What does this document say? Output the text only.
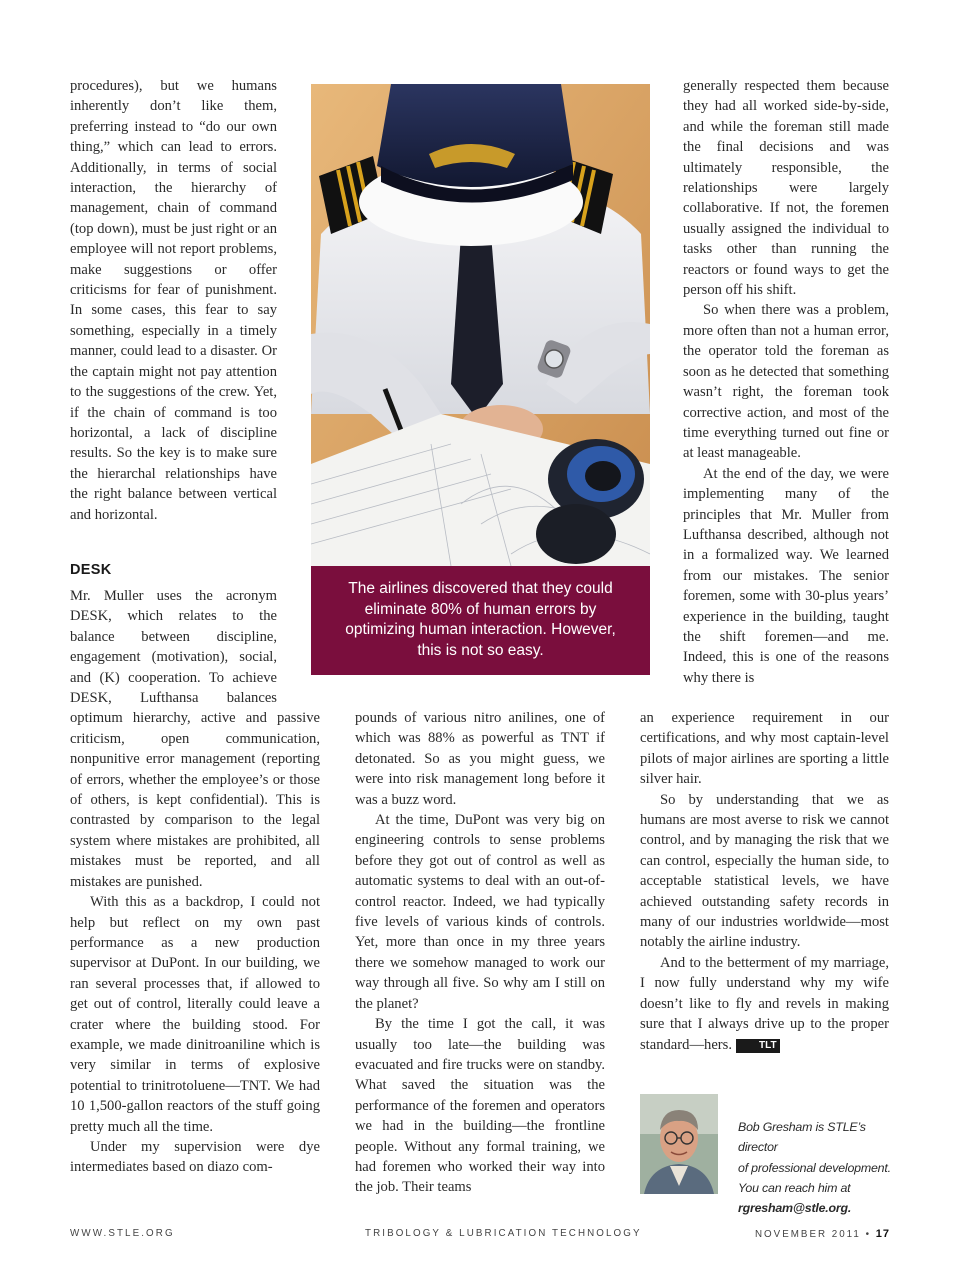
procedures), but we humans inherently don’t like them, preferring instead to “do our own thing,” which can lead to errors. Additionally, in terms of social interaction, the hierarchy of management, chain of command (top down), must be just right or an employee will not report problems, make suggestions or offer criticisms for fear of punishment. In some cases, this fear to say something, especially in a timely manner, could lead to a disaster. Or the captain might not pay attention to the suggestions of the crew. Yet, if the chain of command is too horizontal, a lack of discipline results. So the key is to make sure the hierarchal relationships have the right balance between vertical and horizontal.

DESK

Mr. Muller uses the acronym DESK, which relates to the balance between discipline, engagement (motivation), social, and (K) cooperation. To achieve DESK, Lufthansa balances optimum hierarchy, active and passive criticism, open communication, nonpunitive error management (reporting of errors, whether the employee’s or those of others, is kept confidential). This is contrasted by comparison to the legal system where mistakes are prohibited, all mistakes must be reported, and all mistakes are punished.

With this as a backdrop, I could not help but reflect on my own past performance as a new production supervisor at DuPont. In our building, we ran several processes that, if allowed to get out of control, literally could leave a crater where the building stood. For example, we made dinitroaniline which is very similar in terms of explosive potential to trinitrotoluene—TNT. We had 10 1,500-gallon reactors of the stuff going pretty much all the time.

Under my supervision were dye intermediates based on diazo com-

The airlines discovered that they could eliminate 80% of human errors by optimizing human interaction. However, this is not so easy.

pounds of various nitro anilines, one of which was 88% as powerful as TNT if detonated. So as you might guess, we were into risk management long before it was a buzz word.

At the time, DuPont was very big on engineering controls to sense problems before they got out of control as well as automatic systems to deal with an out-of-control reactor. Indeed, we had typically five levels of various kinds of controls. Yet, more than once in my three years there we somehow managed to work our way through all five. So why am I still on the planet?

By the time I got the call, it was usually too late—the building was evacuated and fire trucks were on standby. What saved the situation was the performance of the foremen and operators we had in the building—the frontline people. Without any formal training, we had foremen who worked their way into the job. Their teams

generally respected them because they had all worked side-by-side, and while the foreman still made the final decisions and was ultimately responsible, the relationships were largely collaborative. If not, the foremen usually assigned the individual to tasks other than running the reactors or found ways to get the person off his shift.

So when there was a problem, more often than not a human error, the operator told the foreman as soon as he detected that something wasn’t right, the foreman took corrective action, and most of the time everything turned out fine or at least manageable.

At the end of the day, we were implementing many of the principles that Mr. Muller from Lufthansa described, although not in a formalized way. We learned from our mistakes. The senior foremen, some with 30-plus years’ experience in the building, taught the shift foremen—and me. Indeed, this is one of the reasons why there is

an experience requirement in our certifications, and why most captain-level pilots of major airlines are sporting a little silver hair.

So by understanding that we as humans are most averse to risk we cannot control, and by managing the risk that we can control, especially the human side, to acceptable statistical levels, we have achieved outstanding safety records in many of our industries worldwide—most notably the airline industry.

And to the betterment of my marriage, I now fully understand why my wife doesn’t like to fly and revels in making sure that I always drive up to the proper standard—hers.	TLT

Bob Gresham is STLE’s director
of professional development.
You can reach him at
rgresham@stle.org.
WWW.STLE.ORG	TRIBOLOGY & LUBRICATION TECHNOLOGY	NOVEMBER 2011 • 17
